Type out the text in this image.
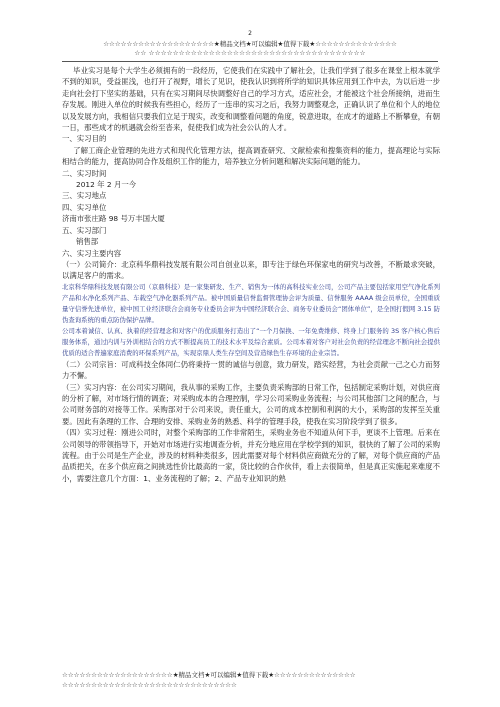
2
☆☆☆☆☆☆☆☆☆☆☆☆☆☆☆☆☆☆☆★精品文档★可以编辑★值得下载★☆☆☆☆☆☆☆☆☆☆☆☆☆☆
☆☆ ☆☆☆☆☆☆☆☆☆☆☆☆☆☆☆☆☆☆☆☆☆☆☆☆☆☆☆☆☆☆☆☆☆☆☆☆

毕业实习是每个大学生必须拥有的一段经历，它使我们在实践中了解社会，让我们学到了很多在课堂上根本就学不到的知识，受益匪浅，也打开了视野，增长了见识，使我认识到将所学的知识具体应用到工作中去，为以后进一步走向社会打下坚实的基础，只有在实习期间尽快调整好自己的学习方式，适应社会，才能被这个社会所接纳，进而生存发展。刚进入单位的时候我有些担心，经历了一连串的实习之后，我努力调整观念，正确认识了单位和个人的地位以及发展方向，我相信只要我们立足于现实，改变和调整看问题的角度，锐意进取，在成才的道路上不断攀登，有朝一日，那些成才的机遇就会纷至沓来，促使我们成为社会公认的人才。

一、实习目的

了解工商企业管理的先进方式和现代化管理方法，提高调查研究、文献检索和搜集资料的能力，提高理论与实际相结合的能力，提高协同合作及组织工作的能力，培养独立分析问题和解决实际问题的能力。

二、实习时间

2012 年 2 月一今

三、实习地点

四、实习单位

济南市张庄路 98 号万丰国大厦

五、实习部门

销售部

六、实习主要内容

（一）公司简介：北京科华鼎科技发展有限公司自创业以来，即专注于绿色环保家电的研究与改善，不断最求突破，以满足客户的需求。

北京科华鼎科技发展有限公司（京鼎科技）是一家集研发、生产、销售为一体的高科技实业公司，公司产品主要包括家用空气净化系列产品和水净化系列产品、车载空气净化器系列产品。被中国质量信誉监督管理协会评为质量、信誉服务 AAAA 级会员单位，全国重质量守信誉先进单位，被中国工业经济联合会商务专业委员会评为中国经济联合会、商务专业委员会“团体单位”，是全国打假网 3.15 防伪查询系统的重点防伪保护品牌。

公司本着诚信、认真、执着的经营理念和对客户的优质服务打造出了“一个月保换、一年免费维修、终身上门服务的 3S 客户核心售后服务体系，通过内训与外训相结合的方式不断提高员工的技术水平及综合素质。公司本着对客户对社会负责的经营理念不断向社会提供优质的适合普遍家庭消费的环保系列产品，实现京鼎人类生存空间及营造绿色生存环境的企业宗旨。

（二）公司宗旨：可成科技全体同仁仍将秉持一贯的诚信与创意，致力研发，踏实经营，为社会贡献一己之心力而努力不懈。

（三）实习内容：在公司实习期间，我从事的采购工作，主要负责采购部的日常工作，包括制定采购计划，对供应商的分析了解，对市场行情的调查；对采购成本的合理控制，学习公司采购业务流程；与公司其他部门之间的配合，与公司财务部的对接等工作。采购部对于公司来说，责任重大，公司的成本控制和利润的大小，采购部的发挥至关重要。因此有条理的工作、合理的安排、采购业务的熟悉、科学的管理手段，使我在实习阶段学到了很多。

（四）实习过程：刚进公司时，对整个采购部的工作非常陌生，采购业务也不知道从何下手，更谈不上管理。后来在公司领导的带领指导下，开始对市场进行实地调查分析，并充分地应用在学校学到的知识，很快的了解了公司的采购流程。由于公司是生产企业，涉及的材料种类很多，因此需要对每个材料供应商做充分的了解，对每个供应商的产品品质把关，在多个供应商之间挑选性价比最高的一家，货比较的合作伙伴，看上去很简单，但是真正实施起来难度不小，需要注意几个方面：1、业务流程的了解；2、产品专业知识的熟

☆☆☆☆☆☆☆☆☆☆☆☆☆☆☆☆☆☆☆★精品文档★可以编辑★值得下载★☆☆☆☆☆☆☆☆☆☆☆☆☆☆
☆☆☆☆☆☆☆☆☆☆☆☆☆☆☆☆☆☆☆☆☆☆☆☆☆☆☆☆☆☆
